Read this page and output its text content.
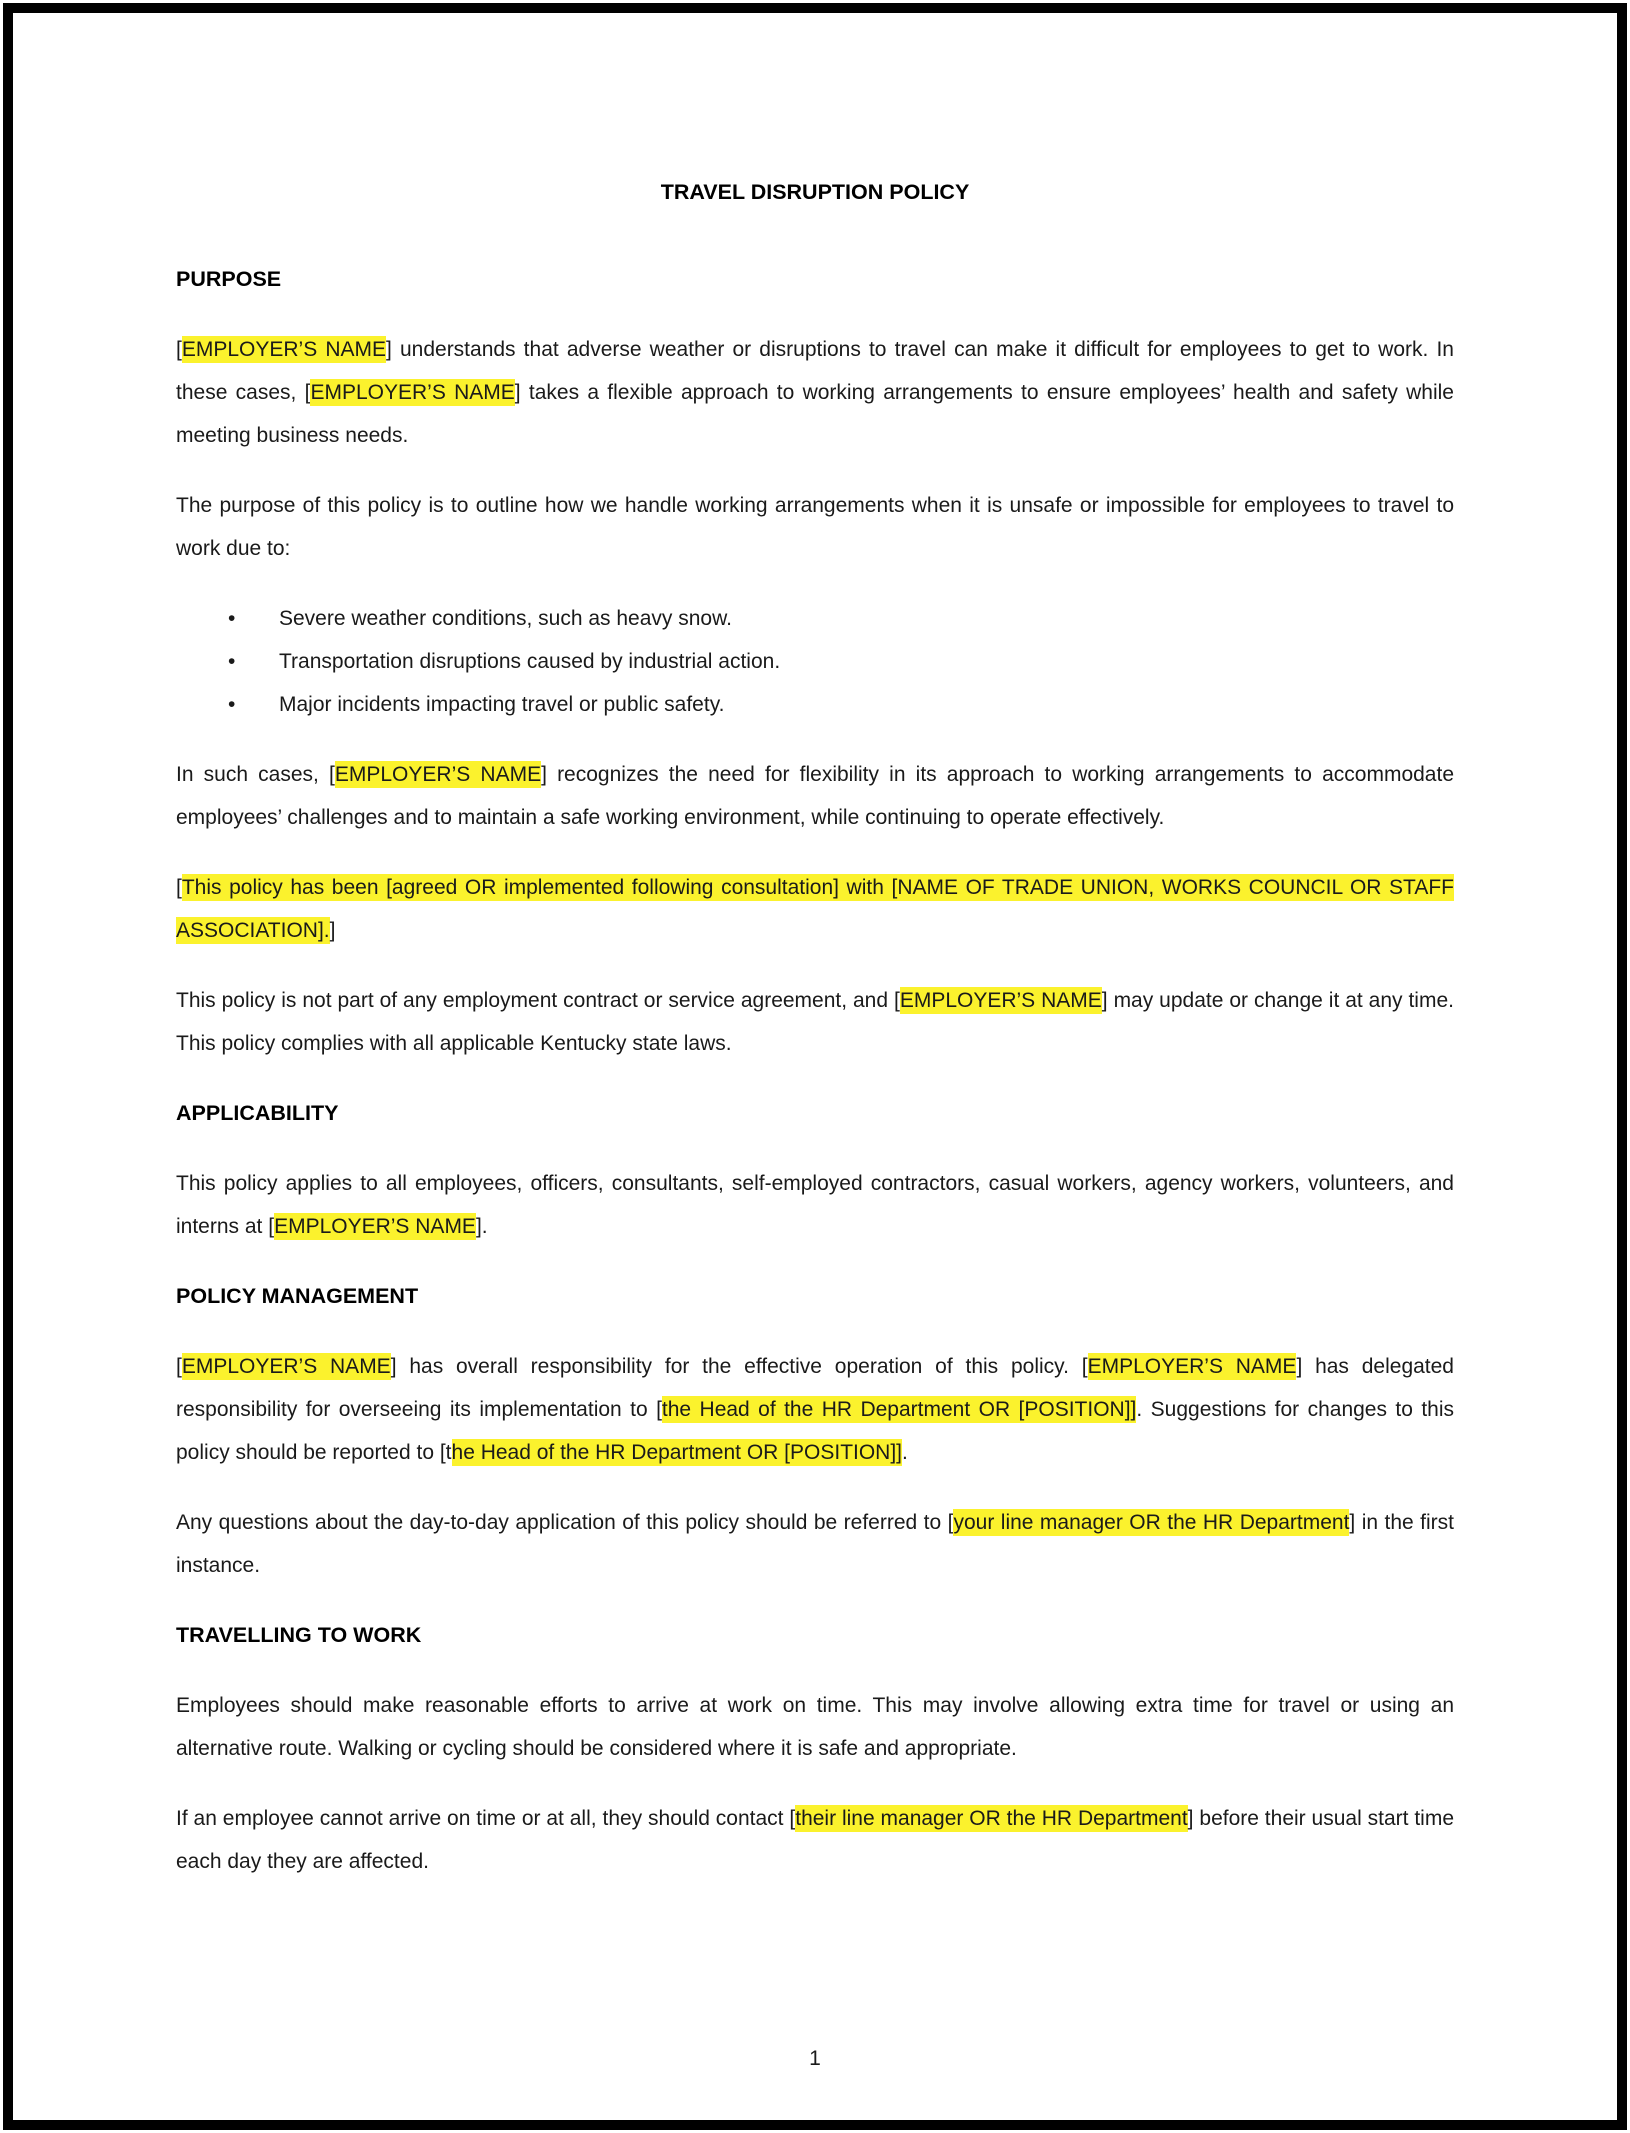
TRAVEL DISRUPTION POLICY
PURPOSE

[EMPLOYER’S NAME] understands that adverse weather or disruptions to travel can make it difficult for employees to get to work. In these cases, [EMPLOYER’S NAME] takes a flexible approach to working arrangements to ensure employees’ health and safety while meeting business needs.

The purpose of this policy is to outline how we handle working arrangements when it is unsafe or impossible for employees to travel to work due to:

• Severe weather conditions, such as heavy snow.
• Transportation disruptions caused by industrial action.
• Major incidents impacting travel or public safety.

In such cases, [EMPLOYER’S NAME] recognizes the need for flexibility in its approach to working arrangements to accommodate employees’ challenges and to maintain a safe working environment, while continuing to operate effectively.

[This policy has been [agreed OR implemented following consultation] with [NAME OF TRADE UNION, WORKS COUNCIL OR STAFF ASSOCIATION].]

This policy is not part of any employment contract or service agreement, and [EMPLOYER’S NAME] may update or change it at any time. This policy complies with all applicable Kentucky state laws.

APPLICABILITY

This policy applies to all employees, officers, consultants, self-employed contractors, casual workers, agency workers, volunteers, and interns at [EMPLOYER’S NAME].

POLICY MANAGEMENT

[EMPLOYER’S NAME] has overall responsibility for the effective operation of this policy. [EMPLOYER’S NAME] has delegated responsibility for overseeing its implementation to [the Head of the HR Department OR [POSITION]]. Suggestions for changes to this policy should be reported to [the Head of the HR Department OR [POSITION]].

Any questions about the day-to-day application of this policy should be referred to [your line manager OR the HR Department] in the first instance.

TRAVELLING TO WORK

Employees should make reasonable efforts to arrive at work on time. This may involve allowing extra time for travel or using an alternative route. Walking or cycling should be considered where it is safe and appropriate.

If an employee cannot arrive on time or at all, they should contact [their line manager OR the HR Department] before their usual start time each day they are affected.

1
